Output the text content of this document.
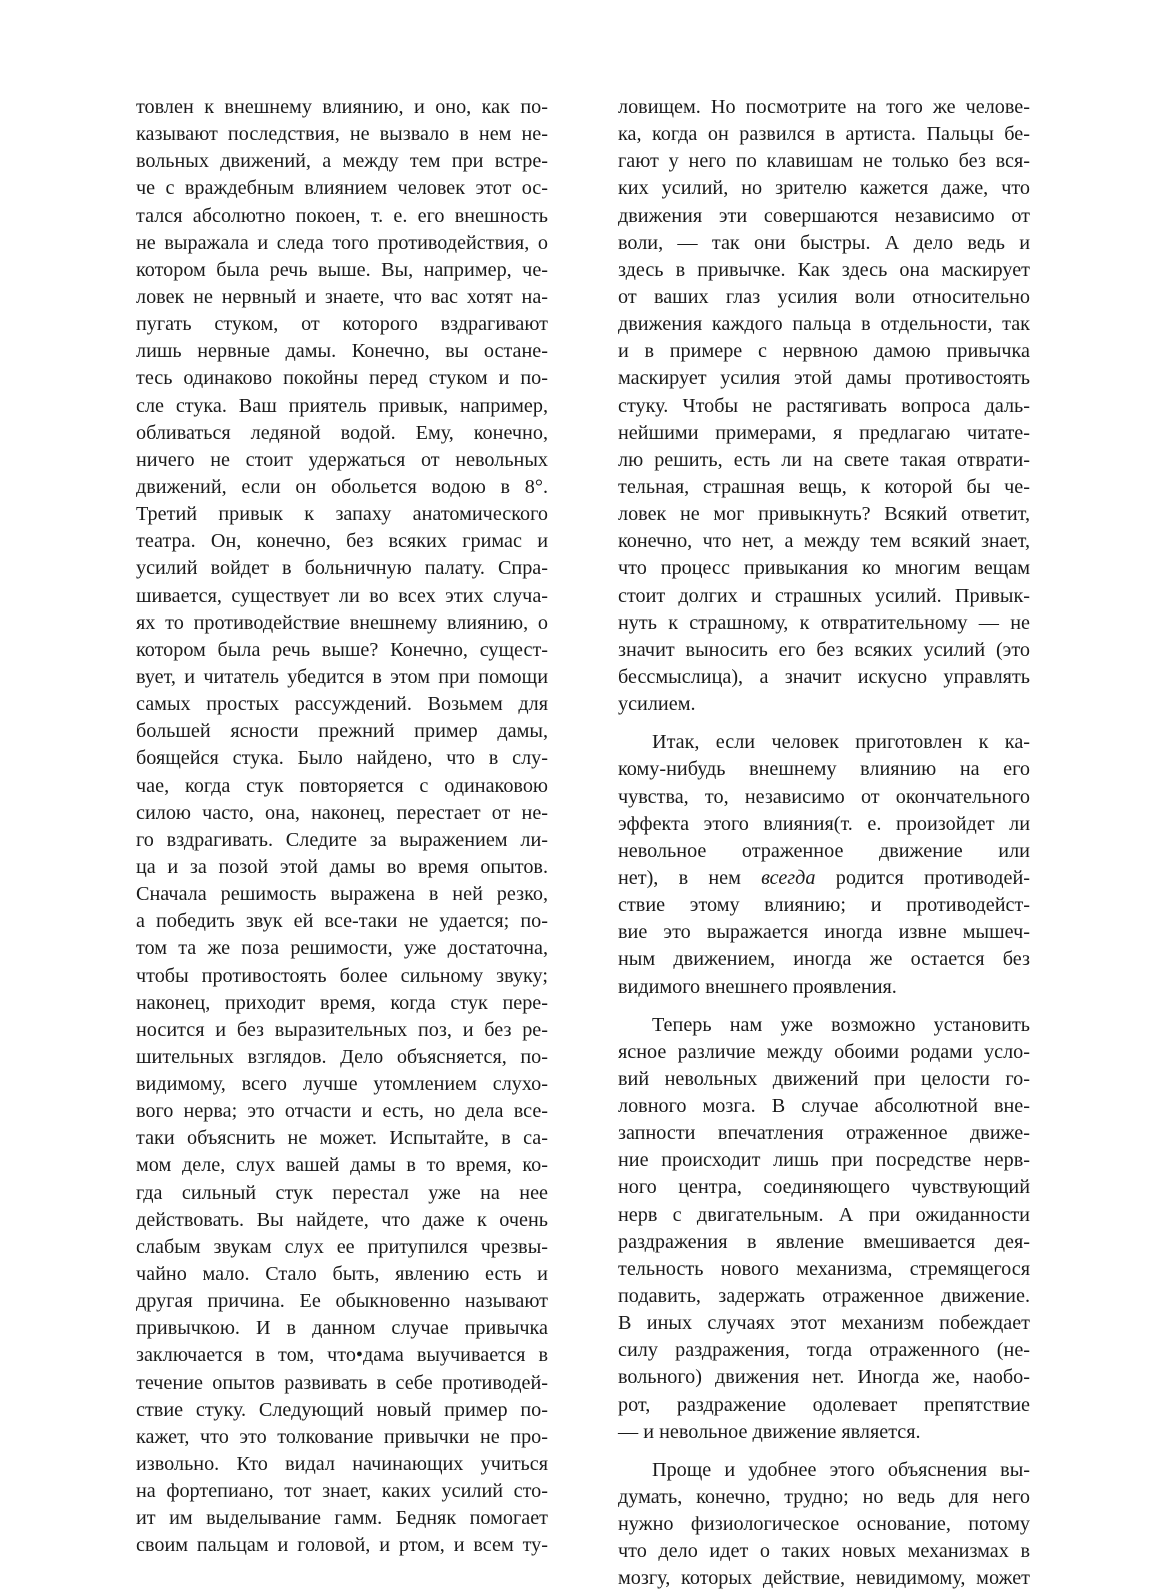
товлен к внешнему влиянию, и оно, как по-
казывают последствия, не вызвало в нем не-
вольных движений, а между тем при встре-
че с враждебным влиянием человек этот ос-
тался абсолютно покоен, т. е. его внешность
не выражала и следа того противодействия, о
котором была речь выше. Вы, например, че-
ловек не нервный и знаете, что вас хотят на-
пугать стуком, от которого вздрагивают
лишь нервные дамы. Конечно, вы останe-
тесь одинаково покойны перед стуком и по-
сле стука. Ваш приятель привык, например,
обливаться ледяной водой. Ему, конечно,
ничего не стоит удержаться от невольных
движений, если он обольется водою в 8°.
Третий привык к запаху анатомического
театра. Он, конечно, без всяких гримас и
усилий войдет в больничную палату. Спра-
шивается, существует ли во всех этих случа-
ях то противодействие внешнему влиянию, о
котором была речь выше? Конечно, сущест-
вует, и читатель убедится в этом при помощи
самых простых рассуждений. Возьмем для
большей ясности прежний пример дамы,
боящейся стука. Было найдено, что в слу-
чае, когда стук повторяется с одинаковою
силою часто, она, наконец, перестает от не-
го вздрагивать. Следите за выражением ли-
ца и за позой этой дамы во время опытов.
Сначала решимость выражена в ней резко,
а победить звук ей все-таки не удается; по-
том та же поза решимости, уже достаточна,
чтобы противостоять более сильному звуку;
наконец, приходит время, когда стук пере-
носится и без выразительных поз, и без ре-
шительных взглядов. Дело объясняется, по-
видимому, всего лучше утомлением слухо-
вого нерва; это отчасти и есть, но дела все-
таки объяснить не может. Испытайте, в са-
мом деле, слух вашей дамы в то время, ко-
гда сильный стук перестал уже на нее
действовать. Вы найдете, что даже к очень
слабым звукам слух ее притупился чрезвы-
чайно мало. Стало быть, явлению есть и
другая причина. Ее обыкновенно называют
привычкою. И в данном случае привычка
заключается в том, что•дама выучивается в
течение опытов развивать в себе противодей-
ствие стуку. Следующий новый пример по-
кажет, что это толкование привычки не про-
извольно. Кто видал начинающих учиться
на фортепиано, тот знает, каких усилий сто-
ит им выделывание гамм. Бедняк помогает
своим пальцам и головой, и ртом, и всем ту-
ловищем. Но посмотрите на того же челове-
ка, когда он развился в артиста. Пальцы бе-
гают у него по клавишам не только без вся-
ких усилий, но зрителю кажется даже, что
движения эти совершаются независимо от
воли, — так они быстры. А дело ведь и
здесь в привычке. Как здесь она маскирует
от ваших глаз усилия воли относительно
движения каждого пальца в отдельности, так
и в примере с нервною дамою привычка
маскирует усилия этой дамы противостоять
стуку. Чтобы не растягивать вопроса даль-
нейшими примерами, я предлагаю читате-
лю решить, есть ли на свете такая отврати-
тельная, страшная вещь, к которой бы че-
ловек не мог привыкнуть? Всякий ответит,
конечно, что нет, а между тем всякий знает,
что процесс привыкания ко многим вещам
стоит долгих и страшных усилий. Привык-
нуть к страшному, к отвратительному — не
значит выносить его без всяких усилий (это
бессмыслица), а значит искусно управлять
усилием.
Итак, если человек приготовлен к ка-
кому-нибудь внешнему влиянию на его
чувства, то, независимо от окончательного
эффекта этого влияния(т. е. произойдет ли
невольное отраженное движение или
нет), в нем всегда родится противодей-
ствие этому влиянию; и противодейст-
вие это выражается иногда извне мышеч-
ным движением, иногда же остается без
видимого внешнего проявления.
Теперь нам уже возможно установить
ясное различие между обоими родами усло-
вий невольных движений при целости го-
ловного мозга. В случае абсолютной вне-
запности впечатления отраженное движе-
ние происходит лишь при посредстве нерв-
ного центра, соединяющего чувствующий
нерв с двигательным. А при ожиданности
раздражения в явление вмешивается дея-
тельность нового механизма, стремящегося
подавить, задержать отраженное движение.
В иных случаях этот механизм побеждает
силу раздражения, тогда отраженного (не-
вольного) движения нет. Иногда же, наобо-
рот, раздражение одолевает препятствие
— и невольное движение является.
Проще и удобнее этого объяснения вы-
думать, конечно, трудно; но ведь для него
нужно физиологическое основание, потому
что дело идет о таких новых механизмах в
мозгу, которых действие, невидимому, может
